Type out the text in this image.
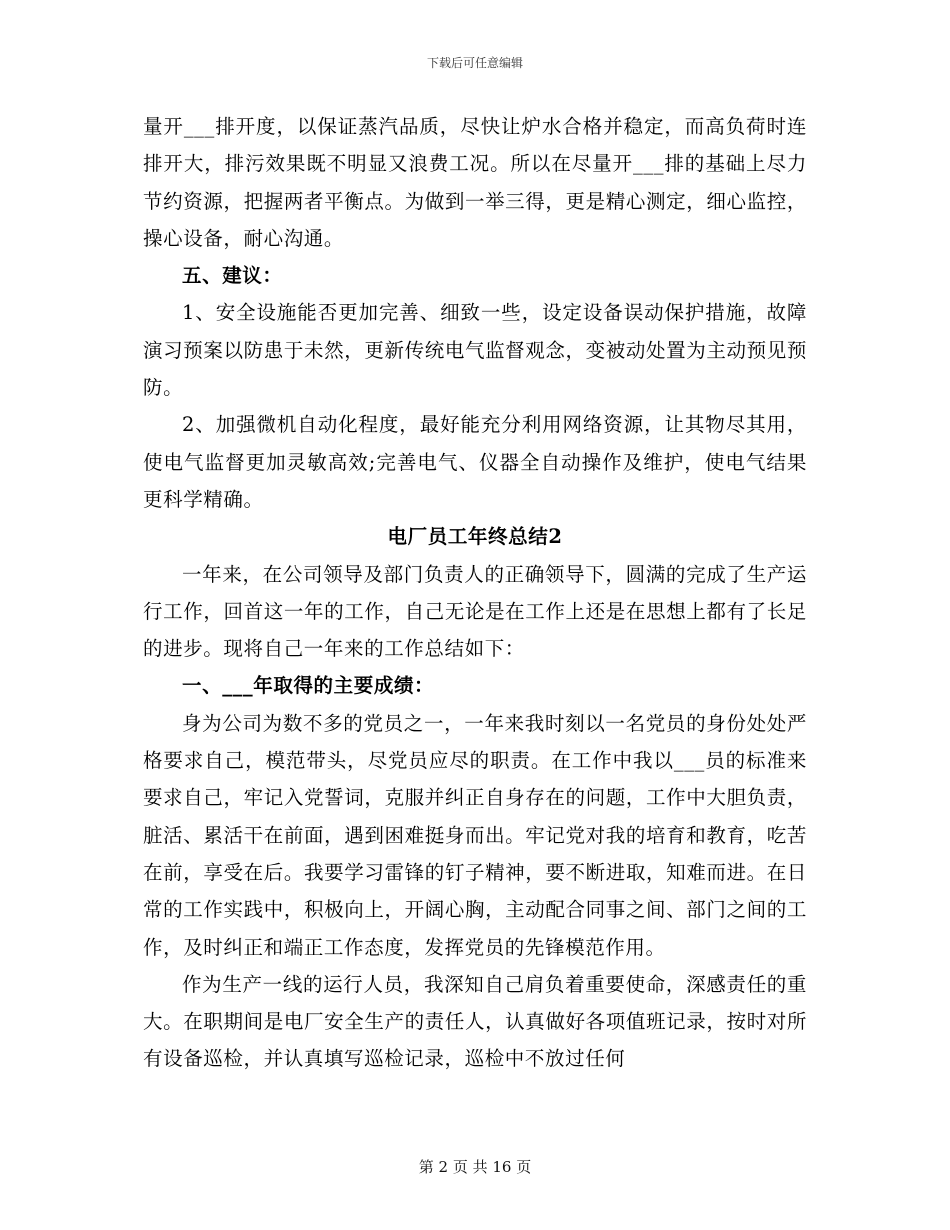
下载后可任意编辑

量开___排开度，以保证蒸汽品质，尽快让炉水合格并稳定，而高负荷时连排开大，排污效果既不明显又浪费工况。所以在尽量开___排的基础上尽力节约资源，把握两者平衡点。为做到一举三得，更是精心测定，细心监控，操心设备，耐心沟通。

五、建议：

1、安全设施能否更加完善、细致一些，设定设备误动保护措施，故障演习预案以防患于未然，更新传统电气监督观念，变被动处置为主动预见预防。

2、加强微机自动化程度，最好能充分利用网络资源，让其物尽其用，使电气监督更加灵敏高效;完善电气、仪器全自动操作及维护，使电气结果更科学精确。

电厂员工年终总结2

一年来，在公司领导及部门负责人的正确领导下，圆满的完成了生产运行工作，回首这一年的工作，自己无论是在工作上还是在思想上都有了长足的进步。现将自己一年来的工作总结如下：

一、___年取得的主要成绩：

身为公司为数不多的党员之一，一年来我时刻以一名党员的身份处处严格要求自己，模范带头，尽党员应尽的职责。在工作中我以___员的标准来要求自己，牢记入党誓词，克服并纠正自身存在的问题，工作中大胆负责，脏活、累活干在前面，遇到困难挺身而出。牢记党对我的培育和教育，吃苦在前，享受在后。我要学习雷锋的钉子精神，要不断进取，知难而进。在日常的工作实践中，积极向上，开阔心胸，主动配合同事之间、部门之间的工作，及时纠正和端正工作态度，发挥党员的先锋模范作用。

作为生产一线的运行人员，我深知自己肩负着重要使命，深感责任的重大。在职期间是电厂安全生产的责任人，认真做好各项值班记录，按时对所有设备巡检，并认真填写巡检记录，巡检中不放过任何

第 2 页 共 16 页
